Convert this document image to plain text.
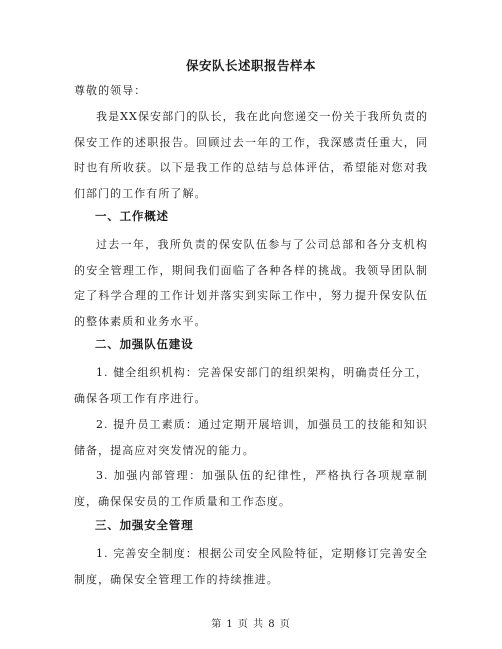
保安队长述职报告样本
尊敬的领导：
我是XX保安部门的队长，我在此向您递交一份关于我所负责的保安工作的述职报告。回顾过去一年的工作，我深感责任重大，同时也有所收获。以下是我工作的总结与总体评估，希望能对您对我们部门的工作有所了解。
一、工作概述
过去一年，我所负责的保安队伍参与了公司总部和各分支机构的安全管理工作，期间我们面临了各种各样的挑战。我领导团队制定了科学合理的工作计划并落实到实际工作中，努力提升保安队伍的整体素质和业务水平。
二、加强队伍建设
1. 健全组织机构：完善保安部门的组织架构，明确责任分工，确保各项工作有序进行。
2. 提升员工素质：通过定期开展培训，加强员工的技能和知识储备，提高应对突发情况的能力。
3. 加强内部管理：加强队伍的纪律性，严格执行各项规章制度，确保保安员的工作质量和工作态度。
三、加强安全管理
1. 完善安全制度：根据公司安全风险特征，定期修订完善安全制度，确保安全管理工作的持续推进。
第 1 页 共 8 页
